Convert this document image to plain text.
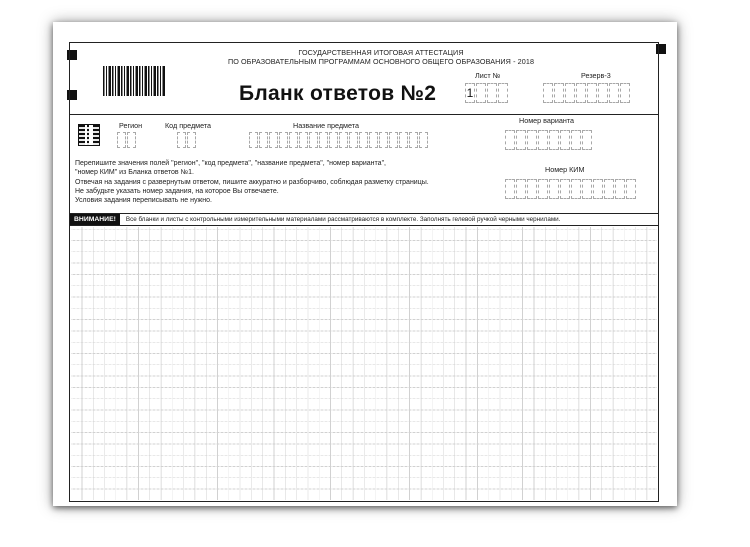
ГОСУДАРСТВЕННАЯ ИТОГОВАЯ АТТЕСТАЦИЯ
ПО ОБРАЗОВАТЕЛЬНЫМ ПРОГРАММАМ ОСНОВНОГО ОБЩЕГО ОБРАЗОВАНИЯ - 2018
Бланк ответов №2
Лист №
1
Резерв-3
Регион	Код предмета	Название предмета
Номер варианта
Номер КИМ
Перепишите значения полей "регион", "код предмета", "название предмета", "номер варианта",
"номер КИМ" из Бланка ответов №1.
Отвечая на задания с развернутым ответом, пишите аккуратно и разборчиво, соблюдая разметку страницы.
Не забудьте указать номер задания, на которое Вы отвечаете.
Условия задания переписывать не нужно.
ВНИМАНИЕ!	Все бланки и листы с контрольными измерительными материалами рассматриваются в комплекте. Заполнять гелевой ручкой черными чернилами.
